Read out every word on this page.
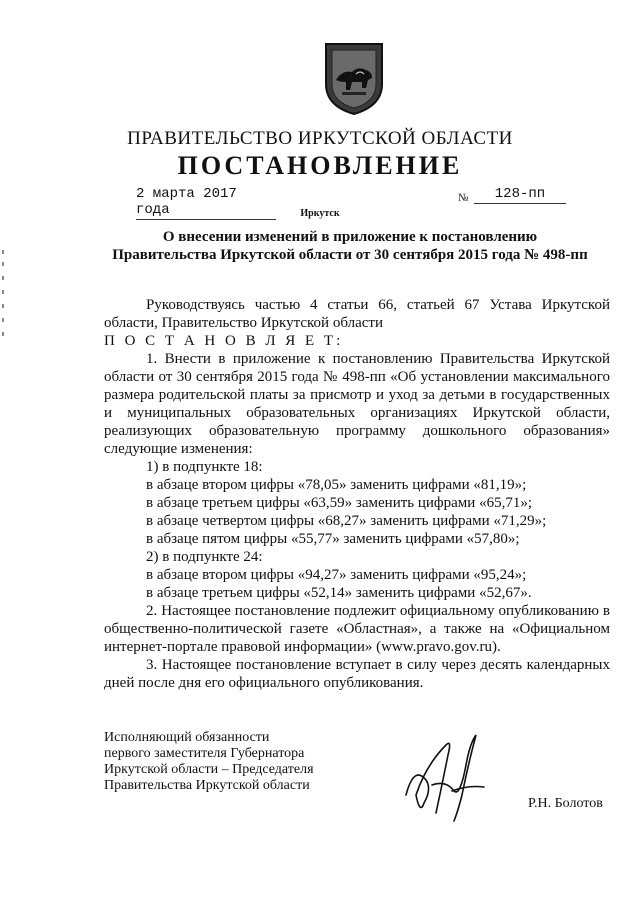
ПРАВИТЕЛЬСТВО ИРКУТСКОЙ ОБЛАСТИ
ПОСТАНОВЛЕНИЕ
2 марта 2017 года
№	128-пп
Иркутск
О внесении изменений в приложение к постановлению
Правительства Иркутской области от 30 сентября 2015 года № 498-пп

Руководствуясь частью 4 статьи 66, статьей 67 Устава Иркутской области, Правительство Иркутской области

П О С Т А Н О В Л Я Е Т:

1. Внести в приложение к постановлению Правительства Иркутской области от 30 сентября 2015 года № 498-пп «Об установлении максимального размера родительской платы за присмотр и уход за детьми в государственных и муниципальных образовательных организациях Иркутской области, реализующих образовательную программу дошкольного образования» следующие изменения:

1) в подпункте 18:

в абзаце втором цифры «78,05» заменить цифрами «81,19»;

в абзаце третьем цифры «63,59» заменить цифрами «65,71»;

в абзаце четвертом цифры «68,27» заменить цифрами «71,29»;

в абзаце пятом цифры «55,77» заменить цифрами «57,80»;

2) в подпункте 24:

в абзаце втором цифры «94,27» заменить цифрами «95,24»;

в абзаце третьем цифры «52,14» заменить цифрами «52,67».

2. Настоящее постановление подлежит официальному опубликованию в общественно-политической газете «Областная», а также на «Официальном интернет-портале правовой информации» (www.pravo.gov.ru).

3. Настоящее постановление вступает в силу через десять календарных дней после дня его официального опубликования.

Исполняющий обязанности
первого заместителя Губернатора
Иркутской области – Председателя
Правительства Иркутской области
Р.Н. Болотов
